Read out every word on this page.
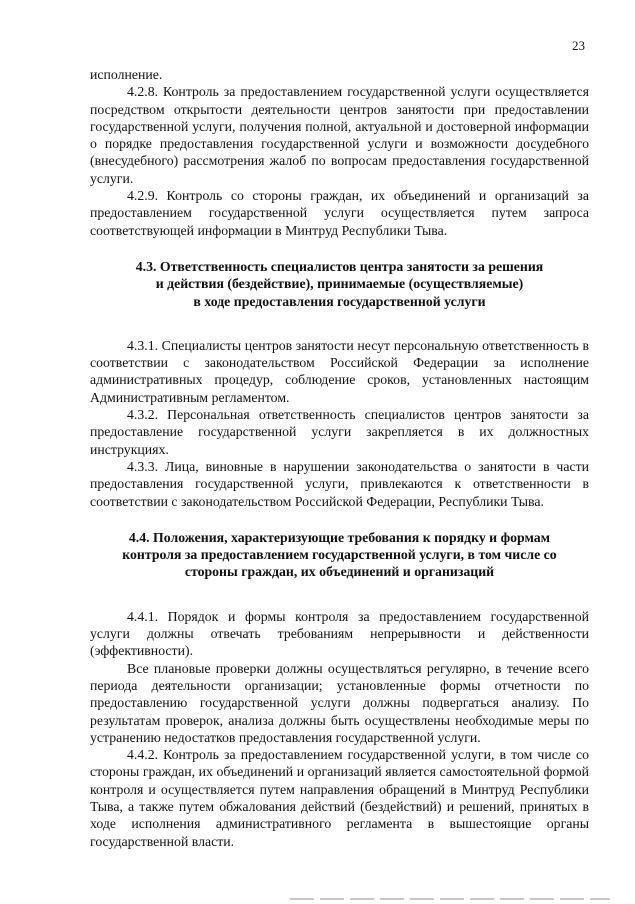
23

исполнение.

4.2.8. Контроль за предоставлением государственной услуги осуществляется посредством открытости деятельности центров занятости при предоставлении государственной услуги, получения полной, актуальной и достоверной информации о порядке предоставления государственной услуги и возможности досудебного (внесудебного) рассмотрения жалоб по вопросам предоставления государственной услуги.

4.2.9. Контроль со стороны граждан, их объединений и организаций за предоставлением государственной услуги осуществляется путем запроса соответствующей информации в Минтруд Республики Тыва.

4.3. Ответственность специалистов центра занятости за решения
и действия (бездействие), принимаемые (осуществляемые)
в ходе предоставления государственной услуги

4.3.1. Специалисты центров занятости несут персональную ответственность в соответствии с законодательством Российской Федерации за исполнение административных процедур, соблюдение сроков, установленных настоящим Административным регламентом.

4.3.2. Персональная ответственность специалистов центров занятости за предоставление государственной услуги закрепляется в их должностных инструкциях.

4.3.3. Лица, виновные в нарушении законодательства о занятости в части предоставления государственной услуги, привлекаются к ответственности в соответствии с законодательством Российской Федерации, Республики Тыва.

4.4. Положения, характеризующие требования к порядку и формам
контроля за предоставлением государственной услуги, в том числе со
стороны граждан, их объединений и организаций

4.4.1. Порядок и формы контроля за предоставлением государственной услуги должны отвечать требованиям непрерывности и действенности (эффективности).

Все плановые проверки должны осуществляться регулярно, в течение всего периода деятельности организации; установленные формы отчетности по предоставлению государственной услуги должны подвергаться анализу. По результатам проверок, анализа должны быть осуществлены необходимые меры по устранению недостатков предоставления государственной услуги.

4.4.2. Контроль за предоставлением государственной услуги, в том числе со стороны граждан, их объединений и организаций является самостоятельной формой контроля и осуществляется путем направления обращений в Минтруд Республики Тыва, а также путем обжалования действий (бездействий) и решений, принятых в ходе исполнения административного регламента в вышестоящие органы государственной власти.
